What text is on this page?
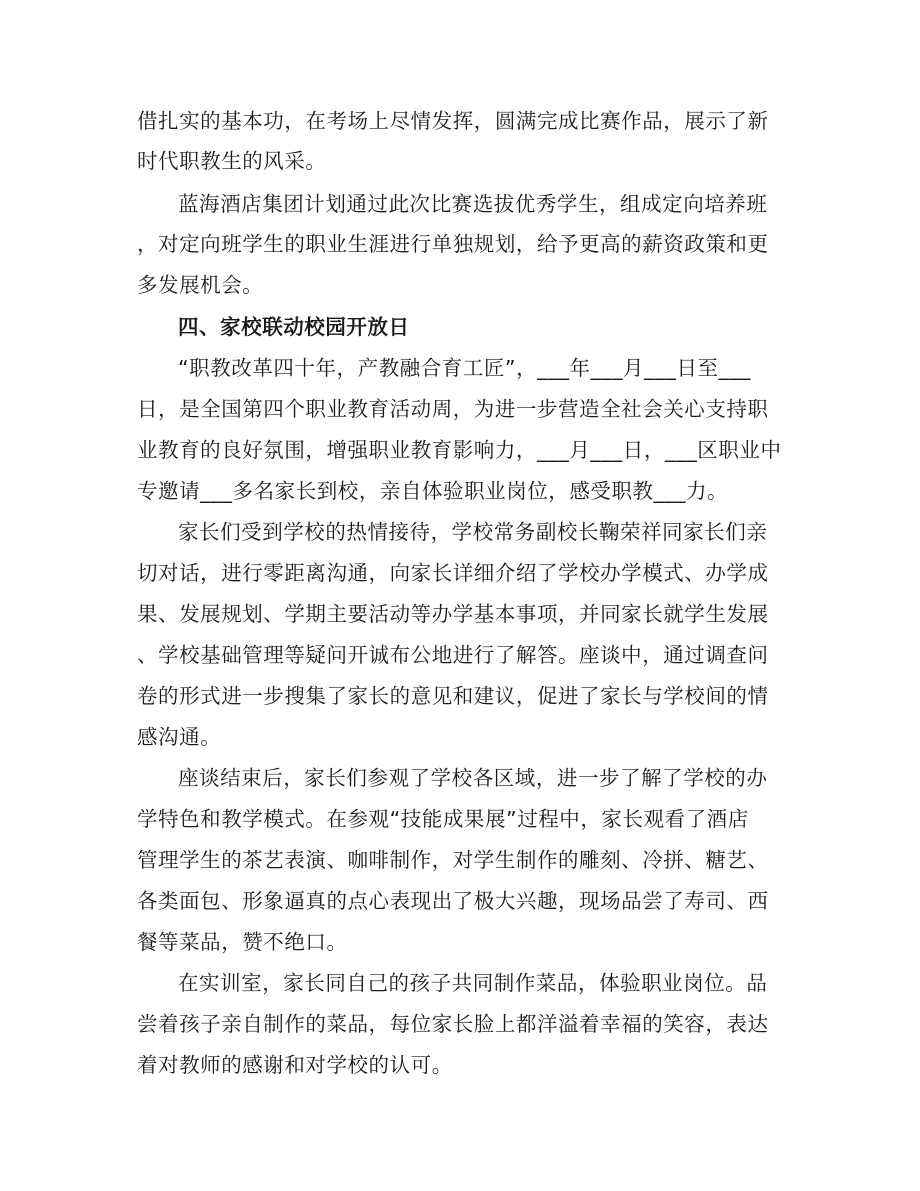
借扎实的基本功，在考场上尽情发挥，圆满完成比赛作品，展示了新
时代职教生的风采。
蓝海酒店集团计划通过此次比赛选拔优秀学生，组成定向培养班
，对定向班学生的职业生涯进行单独规划，给予更高的薪资政策和更
多发展机会。
四、家校联动校园开放日
“职教改革四十年，产教融合育工匠”，___年___月___日至___
日，是全国第四个职业教育活动周，为进一步营造全社会关心支持职
业教育的良好氛围，增强职业教育影响力，___月___日，___区职业中
专邀请___多名家长到校，亲自体验职业岗位，感受职教___力。
家长们受到学校的热情接待，学校常务副校长鞠荣祥同家长们亲
切对话，进行零距离沟通，向家长详细介绍了学校办学模式、办学成
果、发展规划、学期主要活动等办学基本事项，并同家长就学生发展
、学校基础管理等疑问开诚布公地进行了解答。座谈中，通过调查问
卷的形式进一步搜集了家长的意见和建议，促进了家长与学校间的情
感沟通。
座谈结束后，家长们参观了学校各区域，进一步了解了学校的办
学特色和教学模式。在参观“技能成果展”过程中，家长观看了酒店
管理学生的茶艺表演、咖啡制作，对学生制作的雕刻、冷拼、糖艺、
各类面包、形象逼真的点心表现出了极大兴趣，现场品尝了寿司、西
餐等菜品，赞不绝口。
在实训室，家长同自己的孩子共同制作菜品，体验职业岗位。品
尝着孩子亲自制作的菜品，每位家长脸上都洋溢着幸福的笑容，表达
着对教师的感谢和对学校的认可。
